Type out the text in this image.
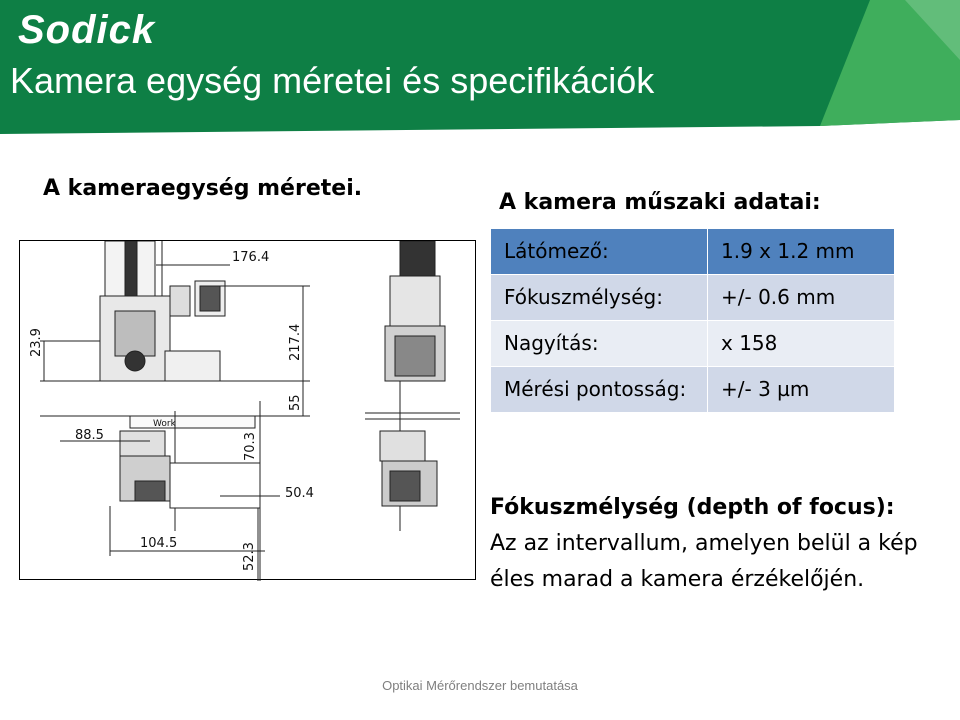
Sodick
Kamera egység méretei és specifikációk
A kameraegység méretei.
A kamera műszaki adatai:
176.4
23.9	217.4
55
88.5	70.3
50.4
104.5	52.3
Work
Látómező:	1.9 x 1.2 mm
Fókuszmélység:	+/- 0.6 mm
Nagyítás:	x 158
Mérési pontosság:	+/- 3 µm
Fókuszmélység (depth of focus):
Az az intervallum, amelyen belül a kép éles marad a kamera érzékelőjén.
Optikai Mérőrendszer bemutatása
